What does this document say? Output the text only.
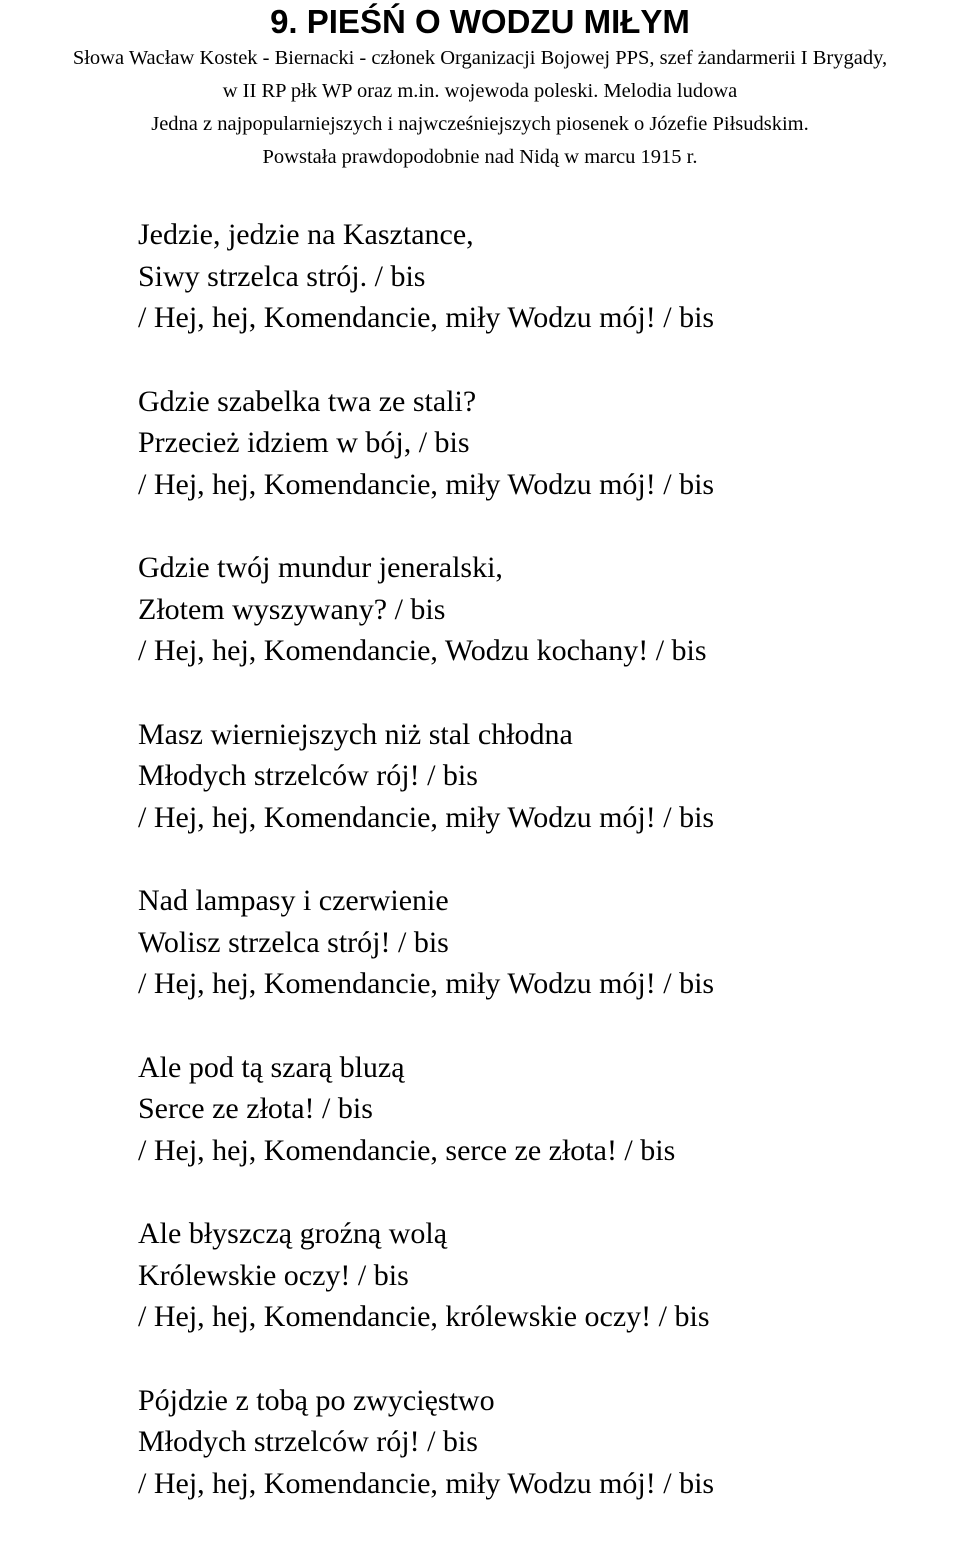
9. PIEŚŃ O WODZU MIŁYM
Słowa Wacław Kostek - Biernacki - członek Organizacji Bojowej PPS, szef żandarmerii I Brygady,
w II RP płk WP oraz m.in. wojewoda poleski. Melodia ludowa
Jedna z najpopularniejszych i najwcześniejszych piosenek o Józefie Piłsudskim.
Powstała prawdopodobnie nad Nidą w marcu 1915 r.
Jedzie, jedzie na Kasztance,
Siwy strzelca strój. / bis
/ Hej, hej, Komendancie, miły Wodzu mój! / bis
Gdzie szabelka twa ze stali?
Przecież idziem w bój, / bis
/ Hej, hej, Komendancie, miły Wodzu mój! / bis
Gdzie twój mundur jeneralski,
Złotem wyszywany? / bis
/ Hej, hej, Komendancie, Wodzu kochany! / bis
Masz wierniejszych niż stal chłodna
Młodych strzelców rój! / bis
/ Hej, hej, Komendancie, miły Wodzu mój! / bis
Nad lampasy i czerwienie
Wolisz strzelca strój! / bis
/ Hej, hej, Komendancie, miły Wodzu mój! / bis
Ale pod tą szarą bluzą
Serce ze złota! / bis
/ Hej, hej, Komendancie, serce ze złota! / bis
Ale błyszczą groźną wolą
Królewskie oczy! / bis
/ Hej, hej, Komendancie, królewskie oczy! / bis
Pójdzie z tobą po zwycięstwo
Młodych strzelców rój! / bis
/ Hej, hej, Komendancie, miły Wodzu mój! / bis
